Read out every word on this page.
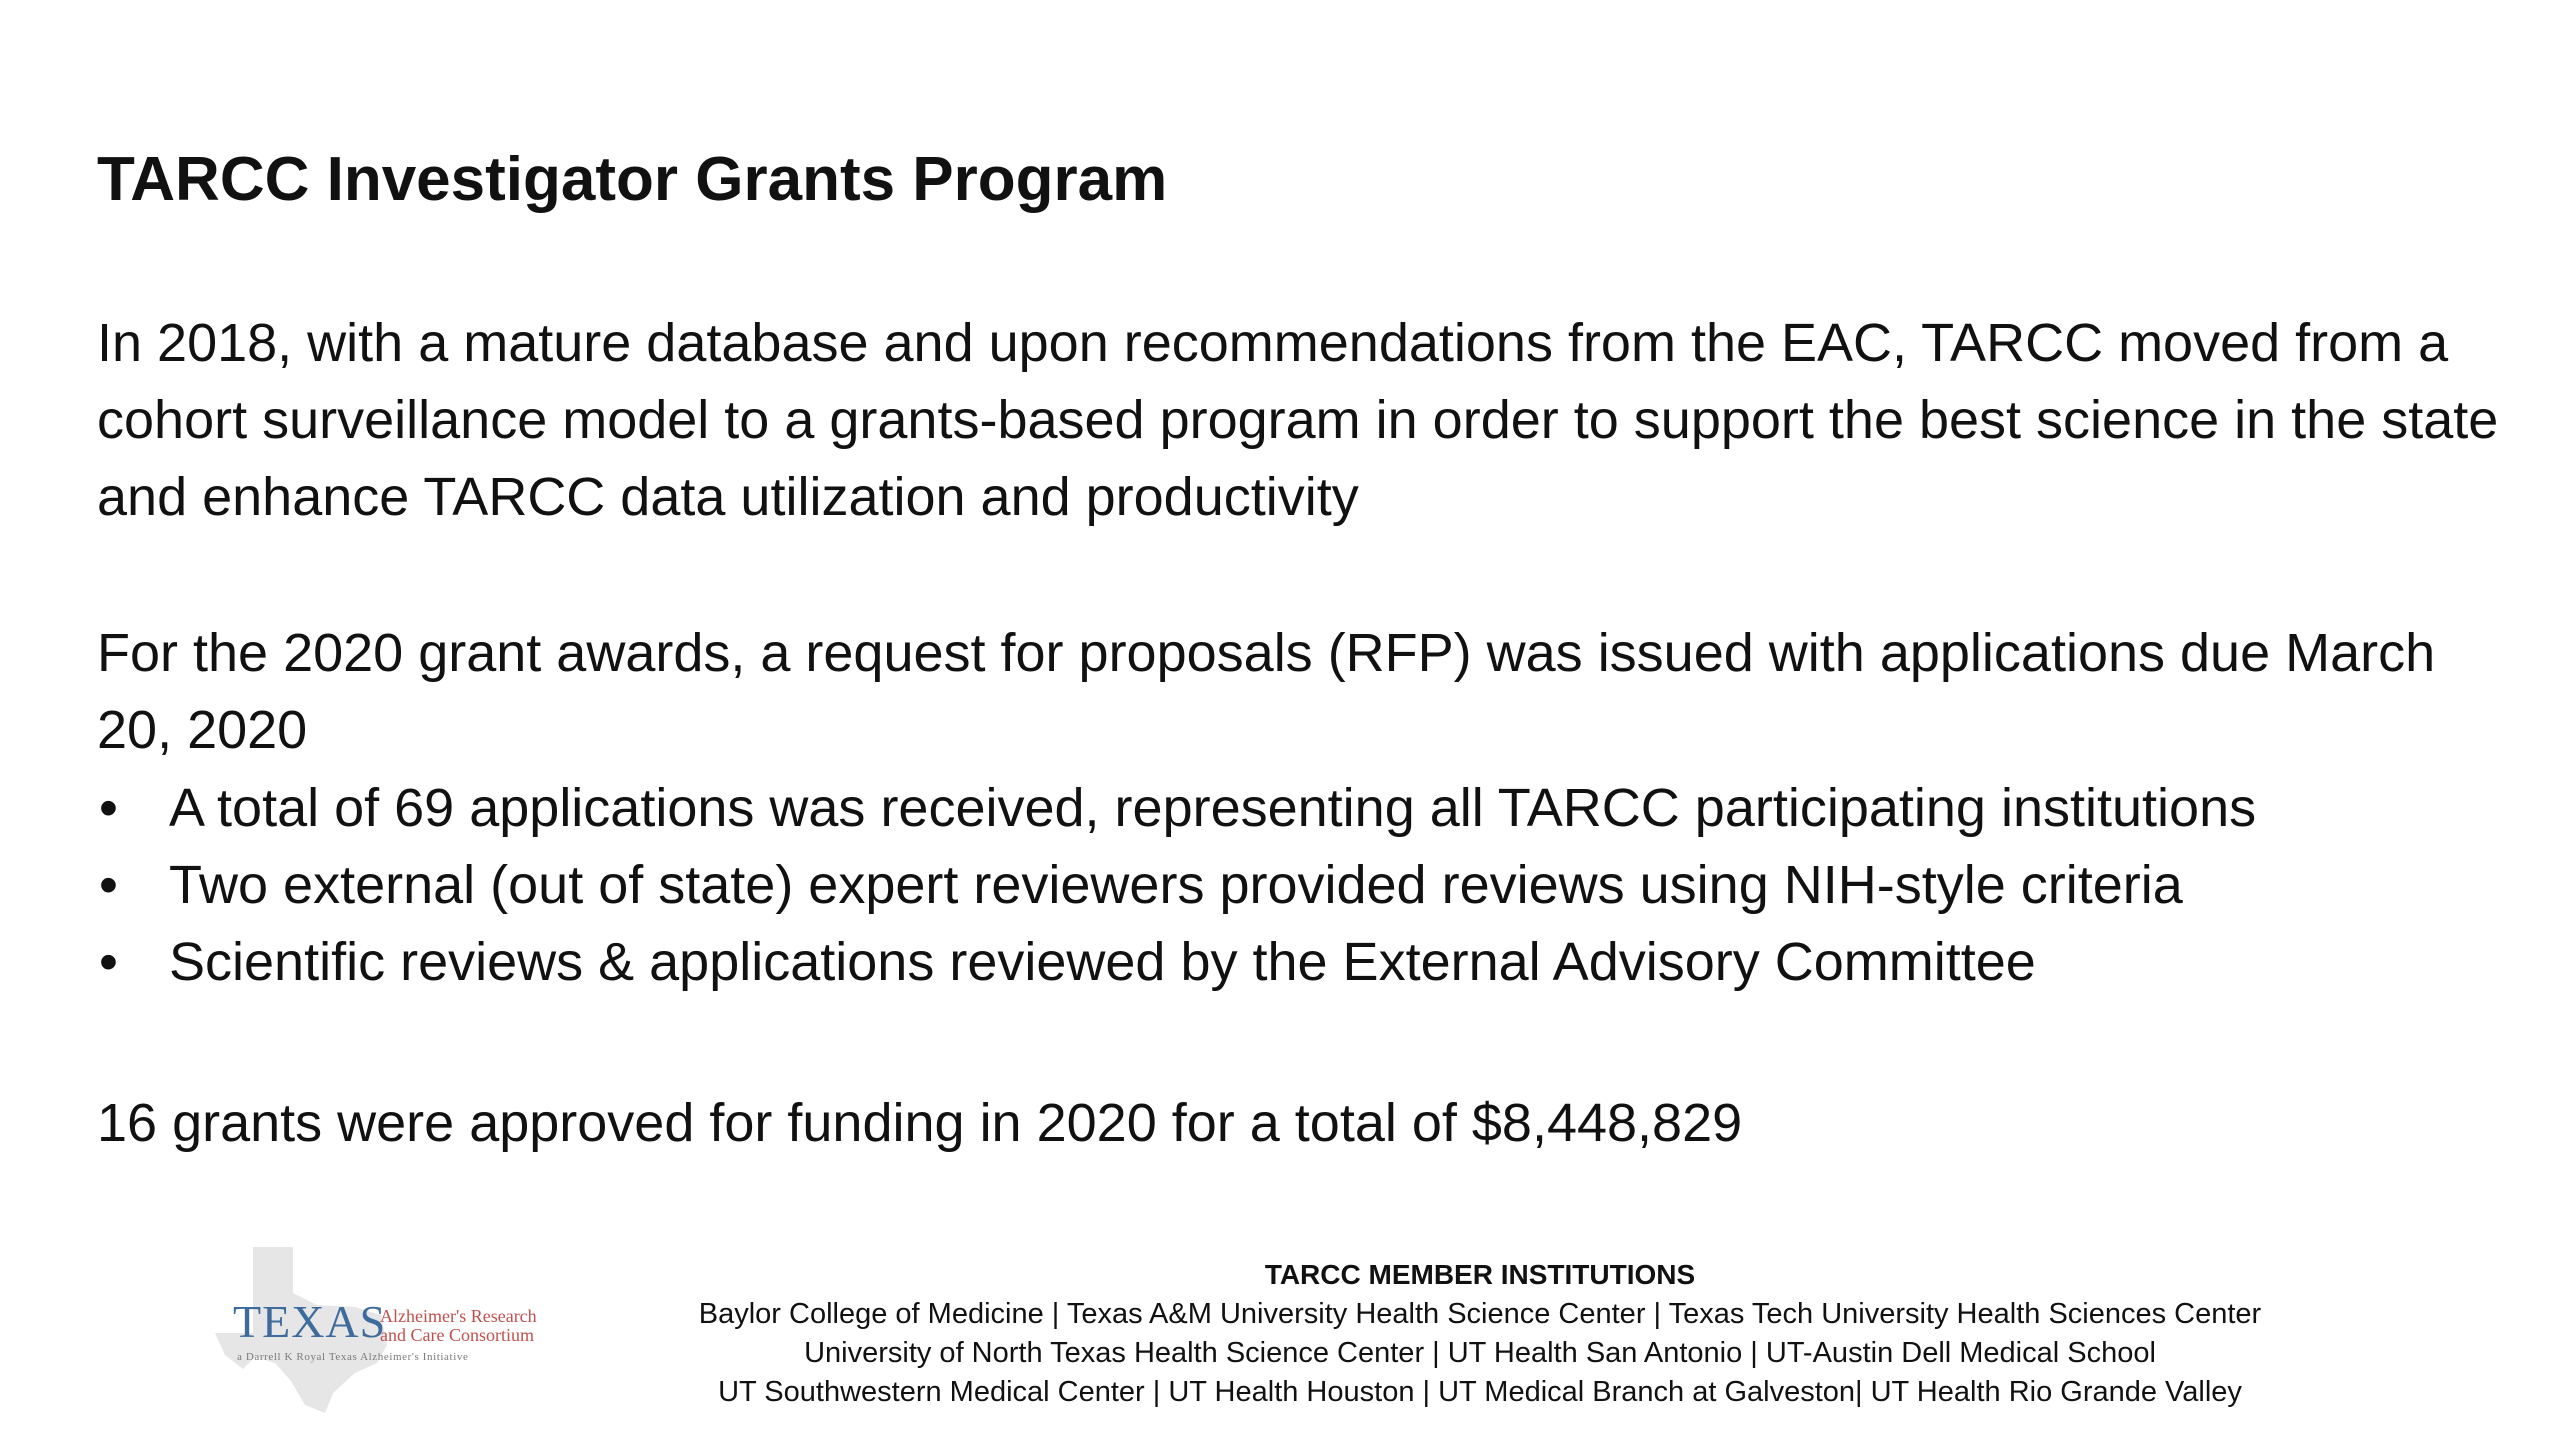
TARCC Investigator Grants Program

In 2018, with a mature database and upon recommendations from the EAC, TARCC moved from a cohort surveillance model to a grants-based program in order to support the best science in the state and enhance TARCC data utilization and productivity

For the 2020 grant awards, a request for proposals (RFP) was issued with applications due March 20, 2020

• A total of 69 applications was received, representing all TARCC participating institutions
• Two external (out of state) expert reviewers provided reviews using NIH-style criteria
• Scientific reviews & applications reviewed by the External Advisory Committee

16 grants were approved for funding in 2020 for a total of $8,448,829

TEXAS
Alzheimer's Research
and Care Consortium
a Darrell K Royal Texas Alzheimer's Initiative
TARCC MEMBER INSTITUTIONS
Baylor College of Medicine | Texas A&M University Health Science Center | Texas Tech University Health Sciences Center
University of North Texas Health Science Center | UT Health San Antonio | UT-Austin Dell Medical School
UT Southwestern Medical Center | UT Health Houston | UT Medical Branch at Galveston| UT Health Rio Grande Valley
